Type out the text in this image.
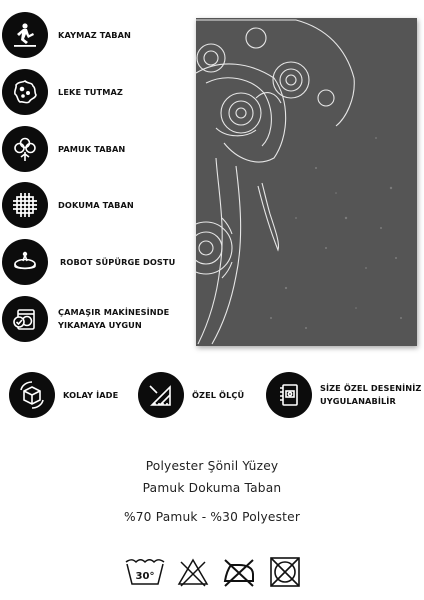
KAYMAZ TABAN
LEKE TUTMAZ
PAMUK TABAN
DOKUMA TABAN
ROBOT SÜPÜRGE DOSTU
ÇAMAŞIR MAKİNESİNDE
YIKAMAYA UYGUN
KOLAY İADE	ÖZEL ÖLÇÜ
SİZE ÖZEL DESENİNİZ
UYGULANABİLİR
Polyester Şönil Yüzey
Pamuk Dokuma Taban
%70 Pamuk - %30 Polyester
30°
